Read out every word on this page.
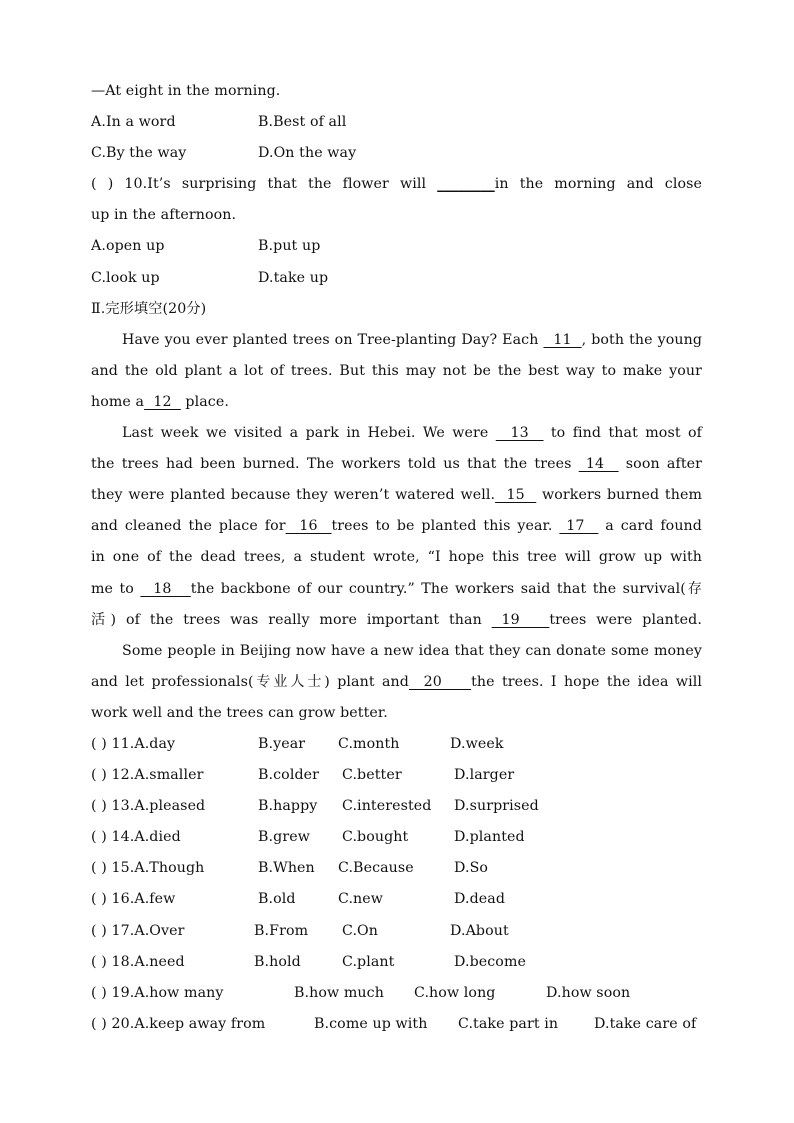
—At eight in the morning.
A.In a word	B.Best of all
C.By the way	D.On the way
( ) 10.It’s surprising that the flower will ________in the morning and close
up in the afternoon.
A.open up	B.put up
C.look up	D.take up
Ⅱ.完形填空(20分)
Have you ever planted trees on Tree-planting Day? Each   11  , both the young
and the old plant a lot of trees. But this may not be the best way to make your
home a  12   place.
Last week we visited a park in Hebei. We were   13   to find that most of
the trees had been burned. The workers told us that the trees  14   soon after
they were planted because they weren’t watered well.  15   workers burned them
and cleaned the place for  16  trees to be planted this year.  17   a card found
in one of the dead trees, a student wrote, “I hope this tree will grow up with
me to   18   the backbone of our country.” The workers said that the survival(存
活) of the trees was really more important than  19   trees were planted.
Some people in Beijing now have a new idea that they can donate some money
and let professionals(专业人士) plant and  20    the trees. I hope the idea will
work well and the trees can grow better.
( ) 11.A.day	B.year C.month	D.week
( ) 12.A.smaller	B.colder C.better	D.larger
( ) 13.A.pleased	B.happy C.interested D.surprised
( ) 14.A.died	B.grew C.bought	D.planted
( ) 15.A.Though	B.When C.Because	D.So
( ) 16.A.few	B.old	C.new	D.dead
( ) 17.A.Over	B.From C.On	D.About
( ) 18.A.need	B.hold	C.plant	D.become
( ) 19.A.how many	B.how much C.how long	D.how soon
( ) 20.A.keep away from	B.come up with C.take part in	D.take care of
